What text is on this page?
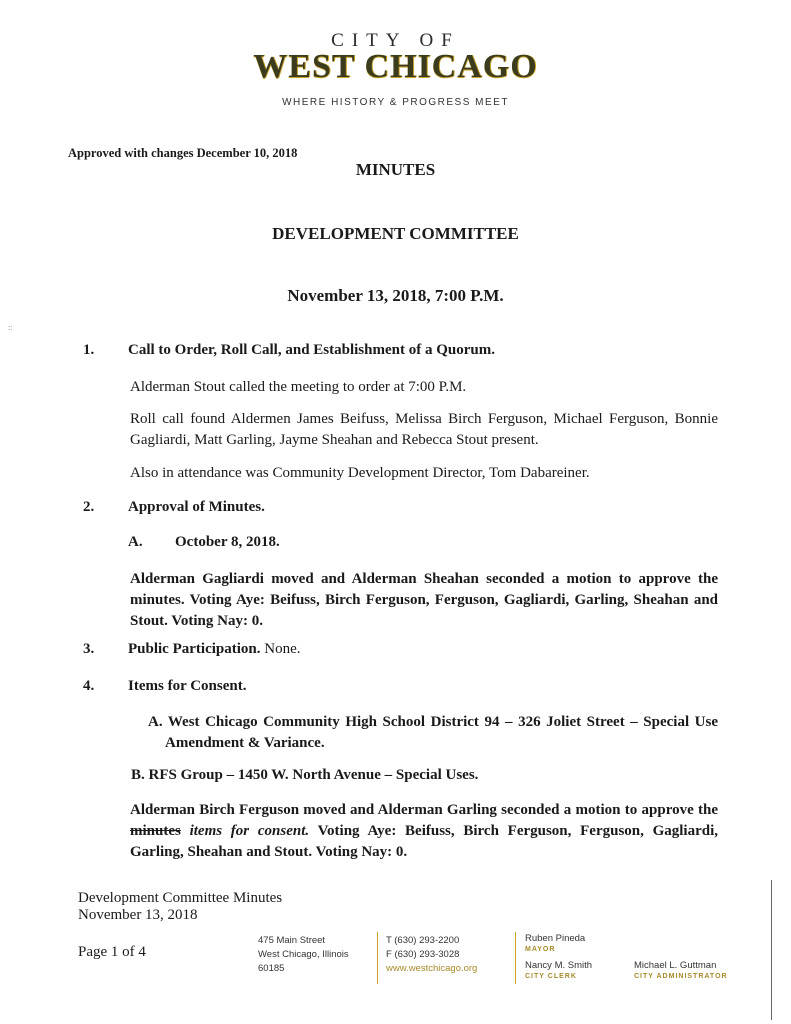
CITY OF
WEST CHICAGO
WHERE HISTORY & PROGRESS MEET
Approved with changes December 10, 2018
MINUTES
DEVELOPMENT COMMITTEE
November 13, 2018, 7:00 P.M.
::
1. Call to Order, Roll Call, and Establishment of a Quorum.
Alderman Stout called the meeting to order at 7:00 P.M.
Roll call found Aldermen James Beifuss, Melissa Birch Ferguson, Michael Ferguson, Bonnie Gagliardi, Matt Garling, Jayme Sheahan and Rebecca Stout present.
Also in attendance was Community Development Director, Tom Dabareiner.
2. Approval of Minutes.
A. October 8, 2018.
Alderman Gagliardi moved and Alderman Sheahan seconded a motion to approve the minutes. Voting Aye: Beifuss, Birch Ferguson, Ferguson, Gagliardi, Garling, Sheahan and Stout. Voting Nay: 0.
3. Public Participation. None.
4. Items for Consent.
A. West Chicago Community High School District 94 – 326 Joliet Street – Special Use Amendment & Variance.
B. RFS Group – 1450 W. North Avenue – Special Uses.
Alderman Birch Ferguson moved and Alderman Garling seconded a motion to approve the minutes items for consent. Voting Aye: Beifuss, Birch Ferguson, Ferguson, Gagliardi, Garling, Sheahan and Stout. Voting Nay: 0.
Development Committee Minutes
November 13, 2018
Page 1 of 4
475 Main Street
West Chicago, Illinois
60185
T (630) 293-2200
F (630) 293-3028
www.westchicago.org
Ruben Pineda
MAYOR
Nancy M. Smith
CITY CLERK
Michael L. Guttman
CITY ADMINISTRATOR
